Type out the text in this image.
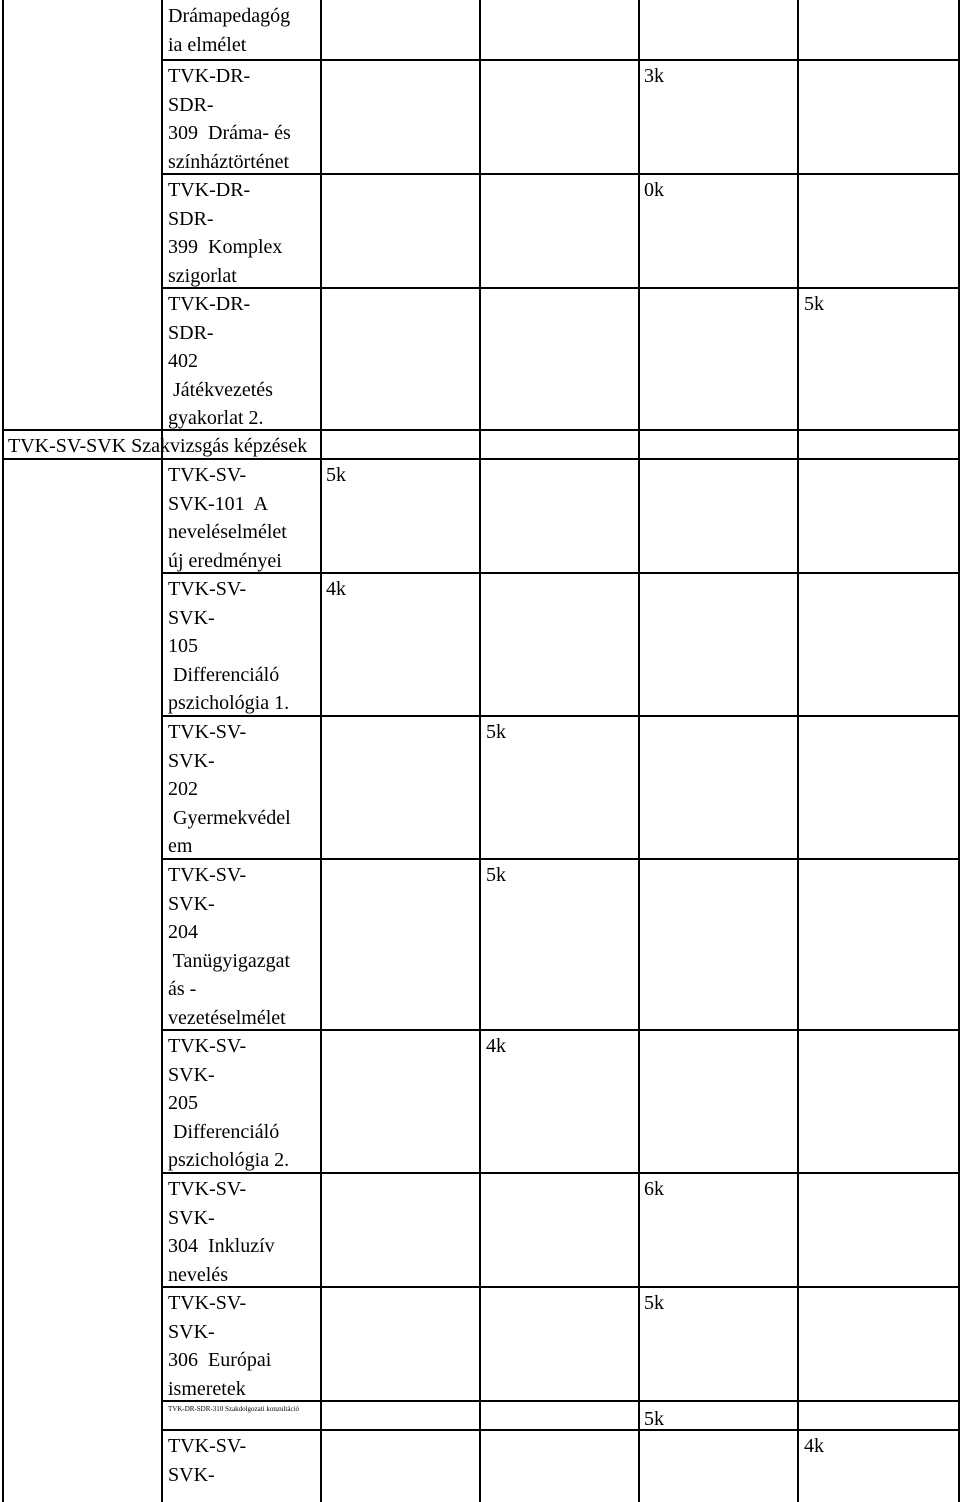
Drámapedagóg
ia elmélet
TVK-DR-
SDR-
309  Dráma- és
színháztörténet
3k
TVK-DR-
SDR-
399  Komplex
szigorlat
0k
TVK-DR-
SDR-
402
Játékvezetés
gyakorlat 2.
5k
TVK-SV-SVK Szakvizsgás képzések
TVK-SV-
SVK-101  A
neveléselmélet
új eredményei
5k
TVK-SV-
SVK-
105
Differenciáló
pszichológia 1.
4k
TVK-SV-
SVK-
202
Gyermekvédel
em
5k
TVK-SV-
SVK-
204
Tanügyigazgat
ás -
vezetéselmélet
5k
TVK-SV-
SVK-
205
Differenciáló
pszichológia 2.
4k
TVK-SV-
SVK-
304  Inkluzív
nevelés
6k
TVK-SV-
SVK-
306  Európai
ismeretek
5k
TVK-DR-SDR-310 Szakdolgozati konzultáció	5k
TVK-SV-
SVK-
4k
